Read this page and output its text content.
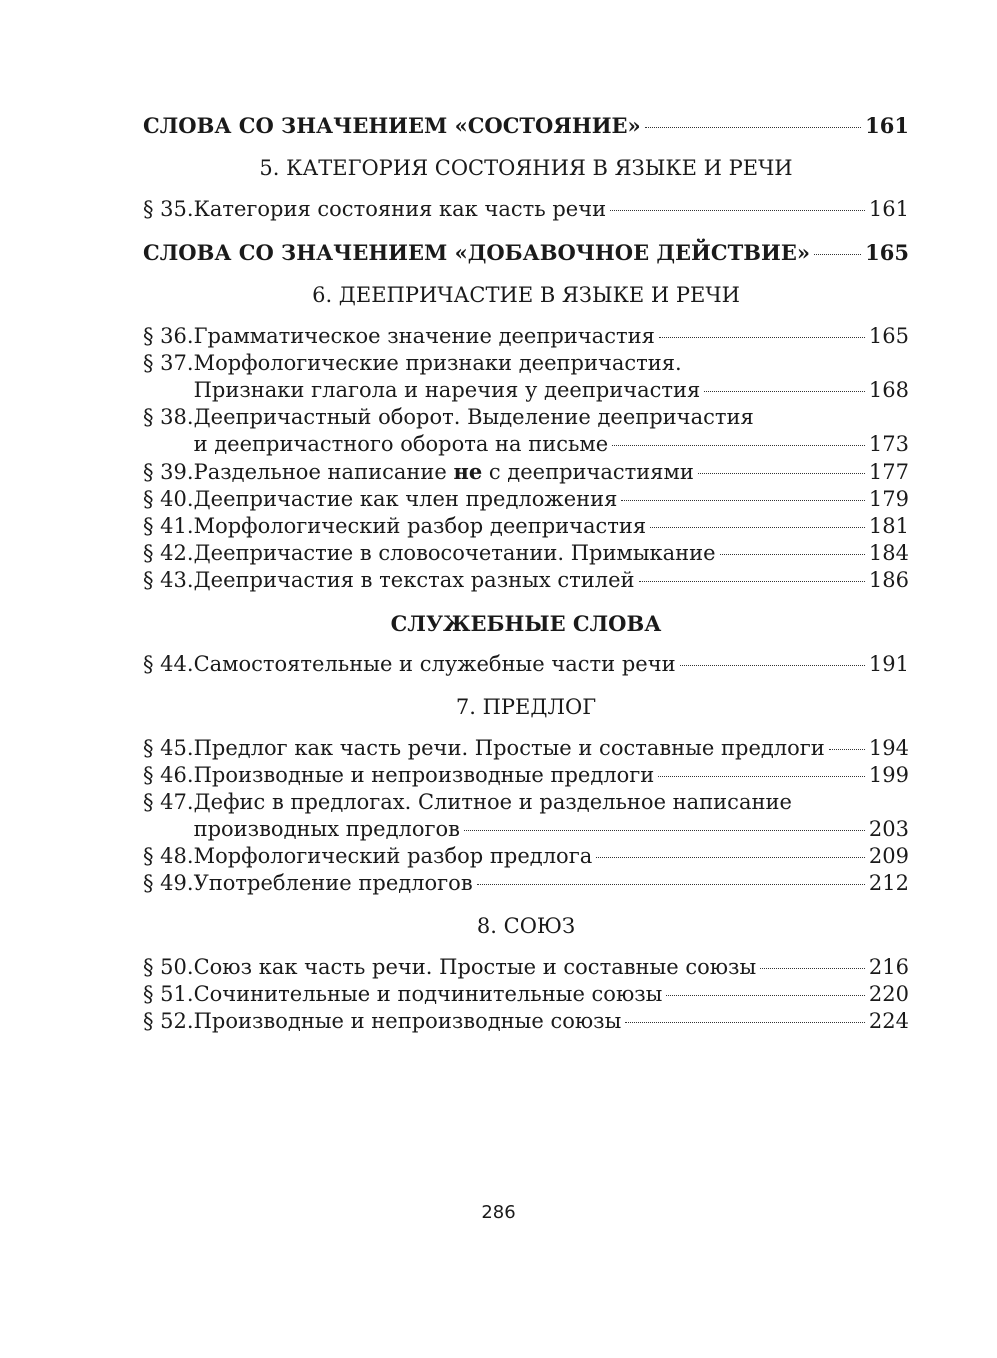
СЛОВА СО ЗНАЧЕНИЕМ «СОСТОЯНИЕ»	161
5. КАТЕГОРИЯ СОСТОЯНИЯ В ЯЗЫКЕ И РЕЧИ
§ 35. Категория состояния как часть речи	161
СЛОВА СО ЗНАЧЕНИЕМ «ДОБАВОЧНОЕ ДЕЙСТВИЕ»	165
6. ДЕЕПРИЧАСТИЕ В ЯЗЫКЕ И РЕЧИ
§ 36. Грамматическое значение деепричастия	165
§ 37. Морфологические признаки деепричастия.
Признаки глагола и наречия у деепричастия	168
§ 38. Деепричастный оборот. Выделение деепричастия
и деепричастного оборота на письме	173
§ 39. Раздельное написание не с деепричастиями	177
§ 40. Деепричастие как член предложения	179
§ 41. Морфологический разбор деепричастия	181
§ 42. Деепричастие в словосочетании. Примыкание	184
§ 43. Деепричастия в текстах разных стилей	186
СЛУЖЕБНЫЕ СЛОВА
§ 44. Самостоятельные и служебные части речи	191
7. ПРЕДЛОГ
§ 45. Предлог как часть речи. Простые и составные предлоги 194
§ 46. Производные и непроизводные предлоги	199
§ 47. Дефис в предлогах. Слитное и раздельное написание
производных предлогов	203
§ 48. Морфологический разбор предлога	209
§ 49. Употребление предлогов	212
8. СОЮЗ
§ 50. Союз как часть речи. Простые и составные союзы	216
§ 51. Сочинительные и подчинительные союзы	220
§ 52. Производные и непроизводные союзы	224
286
